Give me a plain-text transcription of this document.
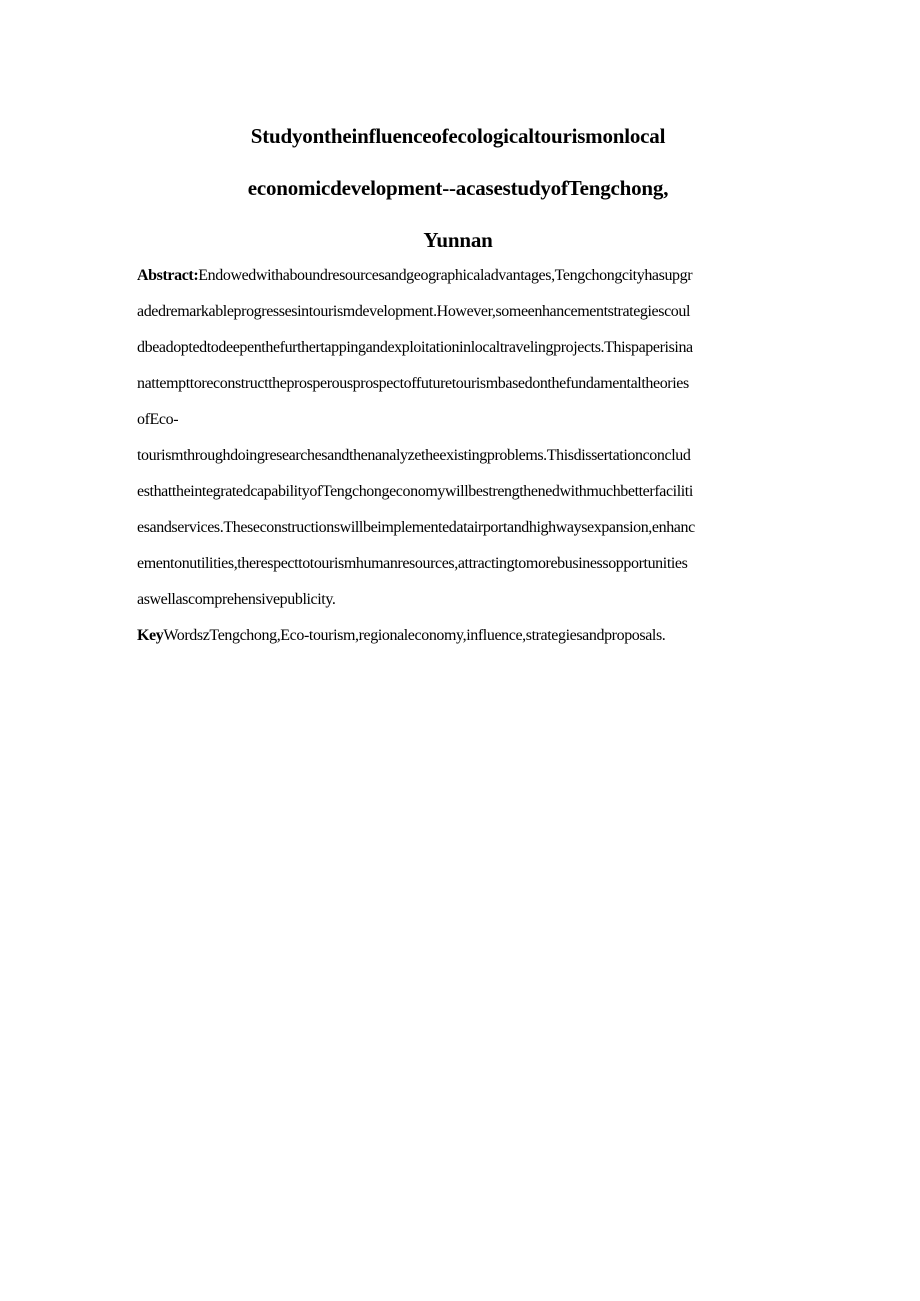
Studyontheinfluenceofecologicaltourismonlocal
economicdevelopment--acasestudyofTengchong,
Yunnan
Abstract:Endowedwithaboundresourcesandgeographicaladvantages,Tengchongcityhasupgr
adedremarkableprogressesintourismdevelopment.However,someenhancementstrategiescoul
dbeadoptedtodeepenthefurthertappingandexploitationinlocaltravelingprojects.Thispaperisina
nattempttoreconstructtheprosperousprospectoffuturetourismbasedonthefundamentaltheories
ofEco-
tourismthroughdoingresearchesandthenanalyzetheexistingproblems.Thisdissertationconclud
esthattheintegratedcapabilityofTengchongeconomywillbestrengthenedwithmuchbetterfaciliti
esandservices.Theseconstructionswillbeimplementedatairportandhighwaysexpansion,enhanc
ementonutilities,therespecttotourismhumanresources,attractingtomorebusinessopportunities
aswellascomprehensivepublicity.
KeyWordszTengchong,Eco-tourism,regionaleconomy,influence,strategiesandproposals.
